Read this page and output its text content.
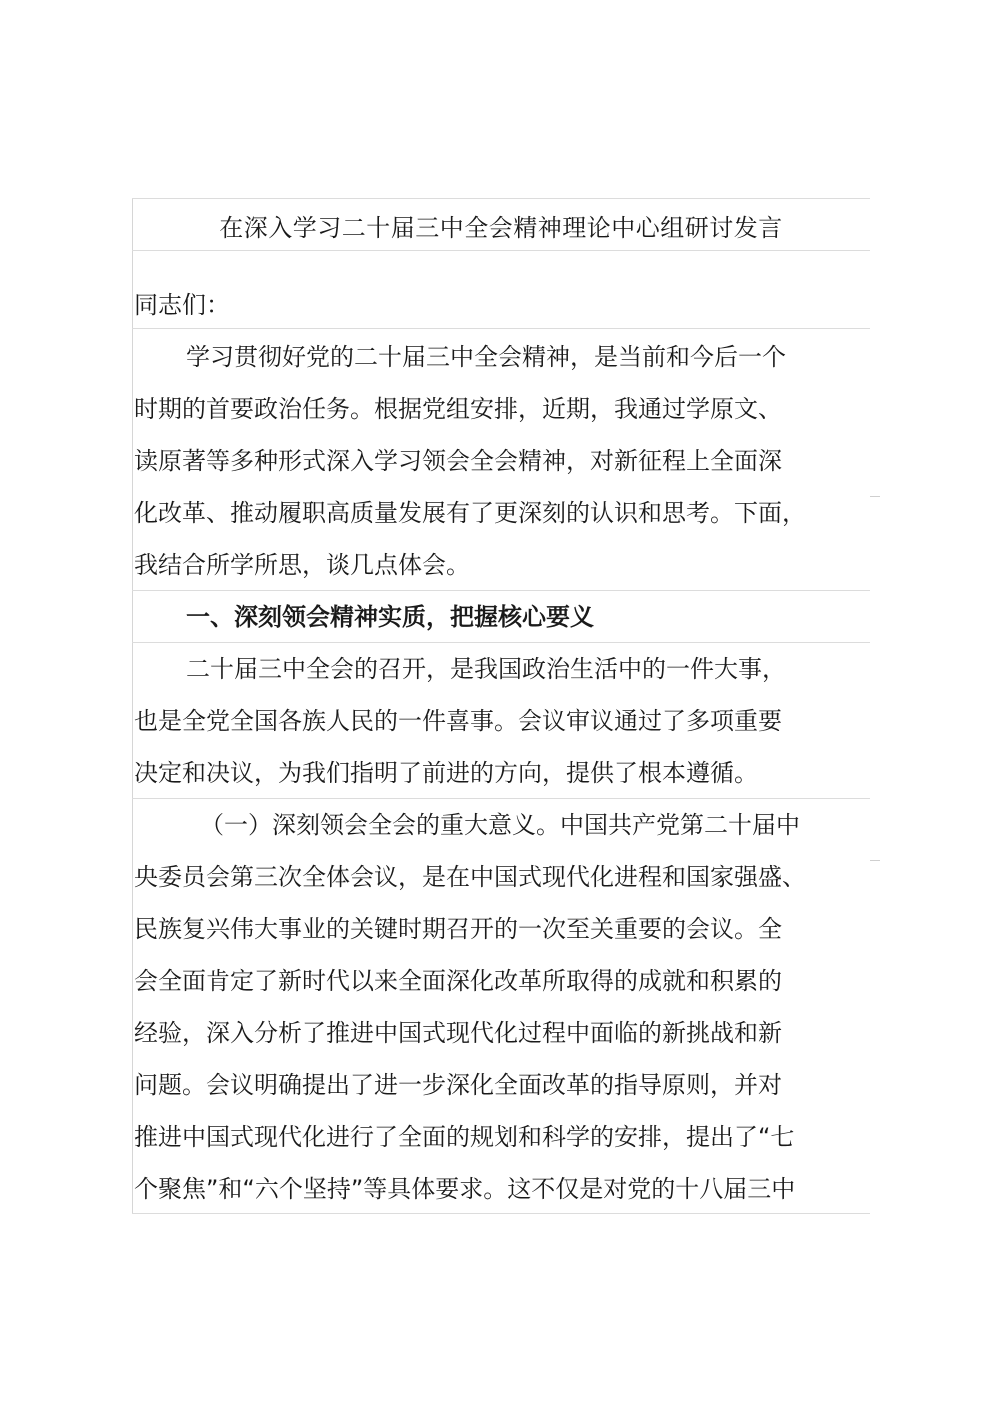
在深入学习二十届三中全会精神理论中心组研讨发言
同志们：
学习贯彻好党的二十届三中全会精神，是当前和今后一个
时期的首要政治任务。根据党组安排，近期，我通过学原文、
读原著等多种形式深入学习领会全会精神，对新征程上全面深
化改革、推动履职高质量发展有了更深刻的认识和思考。下面，
我结合所学所思，谈几点体会。
一、深刻领会精神实质，把握核心要义
二十届三中全会的召开，是我国政治生活中的一件大事，
也是全党全国各族人民的一件喜事。会议审议通过了多项重要
决定和决议，为我们指明了前进的方向，提供了根本遵循。
（一）深刻领会全会的重大意义。中国共产党第二十届中
央委员会第三次全体会议，是在中国式现代化进程和国家强盛、
民族复兴伟大事业的关键时期召开的一次至关重要的会议。全
会全面肯定了新时代以来全面深化改革所取得的成就和积累的
经验，深入分析了推进中国式现代化过程中面临的新挑战和新
问题。会议明确提出了进一步深化全面改革的指导原则，并对
推进中国式现代化进行了全面的规划和科学的安排，提出了“七
个聚焦”和“六个坚持”等具体要求。这不仅是对党的十八届三中
